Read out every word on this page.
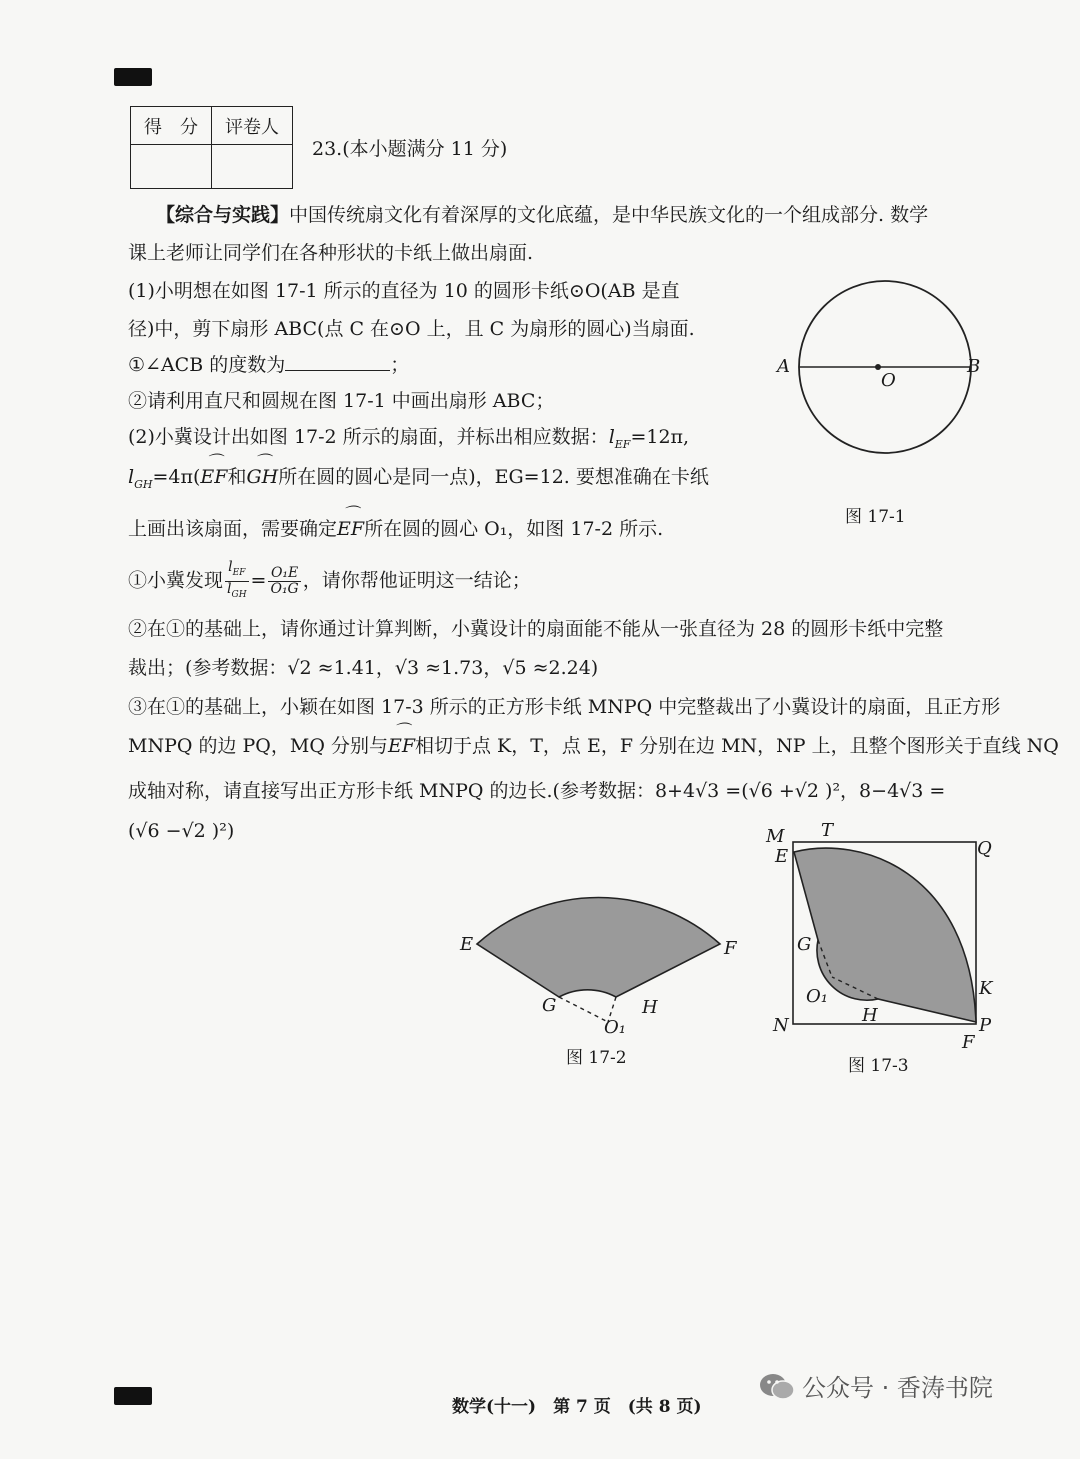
得　分	评卷人

23.(本小题满分 11 分)
【综合与实践】中国传统扇文化有着深厚的文化底蕴，是中华民族文化的一个组成部分. 数学
课上老师让同学们在各种形状的卡纸上做出扇面.
(1)小明想在如图 17-1 所示的直径为 10 的圆形卡纸⊙O(AB 是直
径)中，剪下扇形 ABC(点 C 在⊙O 上，且 C 为扇形的圆心)当扇面.
①∠ACB 的度数为	；
②请利用直尺和圆规在图 17-1 中画出扇形 ABC；
(2)小冀设计出如图 17-2 所示的扇面，并标出相应数据：$l_{EF}=12\pi$,
$l_{GH}=4\pi(⌒$ EF和⌒ GH所在圆的圆心是同一点)，EG=12. 要想准确在卡纸
上画出该扇面，需要确定⌒ EF所在圆的圆心 O₁，如图 17-2 所示.
①小冀发现 $\frac{l_{EF}}{l_{GH}} = \frac{\text{O₁E}}{\text{O₁G}}$ ，请你帮他证明这一结论；
②在①的基础上，请你通过计算判断，小冀设计的扇面能不能从一张直径为 28 的圆形卡纸中完整
裁出；(参考数据：√2 ≈1.41，√3 ≈1.73，√5 ≈2.24)
③在①的基础上，小颖在如图 17-3 所示的正方形卡纸 MNPQ 中完整裁出了小冀设计的扇面，且正方形
MNPQ 的边 PQ，MQ 分别与⌒ EF相切于点 K，T，点 E，F 分别在边 MN，NP 上，且整个图形关于直线 NQ
成轴对称，请直接写出正方形卡纸 MNPQ 的边长.(参考数据：8+4√3 =(√6 +√2 )²，8−4√3 =
(√6 −√2 )²)
A
O
B
图 17-1
E	F
G	H
O₁
图 17-2
M T
Q
E
G
K
O₁
N	H	P
F
图 17-3
数学(十一)　第 7 页　(共 8 页)
公众号 · 香涛书院
